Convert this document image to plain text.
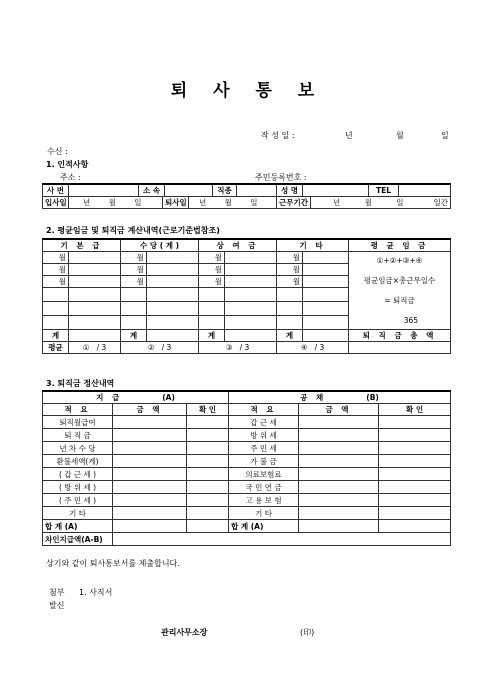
퇴 사 통 보
작 성 일 :	년	월	일
수신 :
1. 인적사항
주소 :	주민등록번호 :
사 번		소 속		직종		성 명		TEL	
입사일	년 월 일	퇴사일	년 월 일	근무기간	년	월	일	일간
2. 평균임금 및 퇴직금 계산내역(근로기준법참조)
기 본 급		수 당 ( 계 )		상 여 금		기 타		평 균 임 금
월		월		월		월		①+②+③+④
평균임금×총근무일수
= 퇴직금
365

월		월		월		월		
월		월		월		월		

계		계		계		계		퇴 직 금 총 액
평균	① / 3	② / 3		③ / 3		④ / 3		
3. 퇴직금 정산내역
지 급 (A)			공 채 (B)		
적 요	금 액	확 인	적 요	금 액	확 인
퇴직월급여			갑 근 세		
퇴 직 금			방 위 세		
년 차 수 당			주 민 세		
환불세액(계)			가 불 금		
( 갑 근 세 )			의료보험료		
( 방 위 세 )			국 민 연 금		
( 주 민 세 )			고 용 보 험		
기 타			기 타		
합 계 (A)			합 계 (A)		
차인지급액(A-B)					
상기와 같이 퇴사통보서를 제출합니다.
첨부 1. 사직서
발신
관리사무소장	(印)
